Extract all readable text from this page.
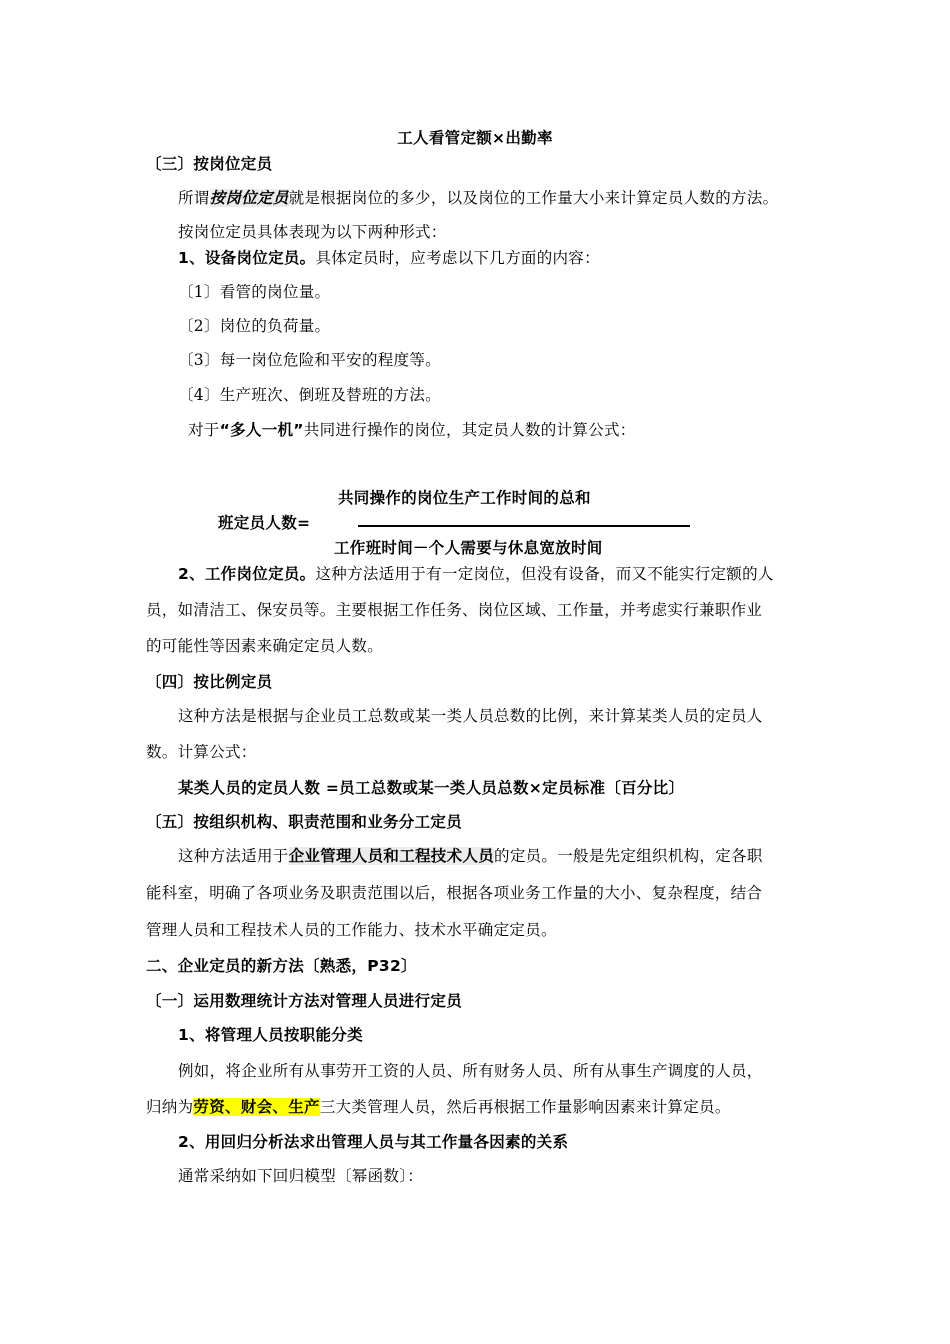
工人看管定额×出勤率
〔三〕按岗位定员
所谓按岗位定员就是根据岗位的多少，以及岗位的工作量大小来计算定员人数的方法。
按岗位定员具体表现为以下两种形式：
1、设备岗位定员。具体定员时，应考虑以下几方面的内容：
〔1〕看管的岗位量。
〔2〕岗位的负荷量。
〔3〕每一岗位危险和平安的程度等。
〔4〕生产班次、倒班及替班的方法。
对于“多人一机”共同进行操作的岗位，其定员人数的计算公式：
共同操作的岗位生产工作时间的总和
班定员人数=
工作班时间－个人需要与休息宽放时间
2、工作岗位定员。这种方法适用于有一定岗位，但没有设备，而又不能实行定额的人
员，如清洁工、保安员等。主要根据工作任务、岗位区域、工作量，并考虑实行兼职作业
的可能性等因素来确定定员人数。
〔四〕按比例定员
这种方法是根据与企业员工总数或某一类人员总数的比例，来计算某类人员的定员人
数。计算公式：
某类人员的定员人数 =员工总数或某一类人员总数×定员标准〔百分比〕
〔五〕按组织机构、职责范围和业务分工定员
这种方法适用于企业管理人员和工程技术人员的定员。一般是先定组织机构，定各职
能科室，明确了各项业务及职责范围以后，根据各项业务工作量的大小、复杂程度，结合
管理人员和工程技术人员的工作能力、技术水平确定定员。
二、企业定员的新方法〔熟悉，P32〕
〔一〕运用数理统计方法对管理人员进行定员
1、将管理人员按职能分类
例如，将企业所有从事劳开工资的人员、所有财务人员、所有从事生产调度的人员，
归纳为劳资、财会、生产三大类管理人员，然后再根据工作量影响因素来计算定员。
2、用回归分析法求出管理人员与其工作量各因素的关系
通常采纳如下回归模型〔幂函数〕：
